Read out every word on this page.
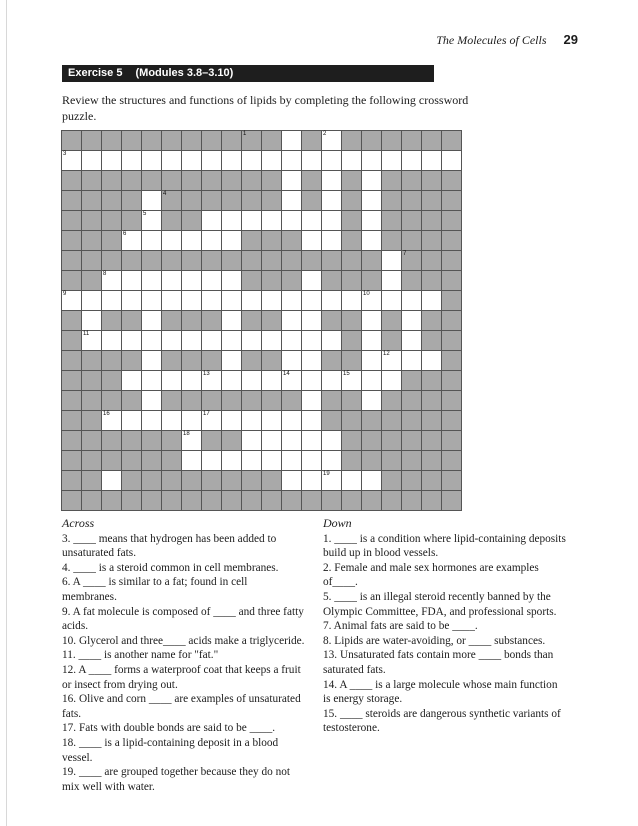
The Molecules of Cells 29
Exercise 5 (Modules 3.8–3.10)
Review the structures and functions of lipids by completing the following crossword puzzle.
1	2
3
4
5
6
7
8
9	10
11
12
13	14	15
16	17
18
19
Across

3. ____ means that hydrogen has been added to unsaturated fats.

4. ____ is a steroid common in cell membranes.

6. A ____ is similar to a fat; found in cell membranes.

9. A fat molecule is composed of ____ and three fatty acids.

10. Glycerol and three____ acids make a triglyceride.

11. ____ is another name for "fat."

12. A ____ forms a waterproof coat that keeps a fruit or insect from drying out.

16. Olive and corn ____ are examples of unsaturated fats.

17. Fats with double bonds are said to be ____.

18. ____ is a lipid-containing deposit in a blood vessel.

19. ____ are grouped together because they do not mix well with water.

Down

1. ____ is a condition where lipid-containing deposits build up in blood vessels.

2. Female and male sex hormones are examples of____.

5. ____ is an illegal steroid recently banned by the Olympic Committee, FDA, and professional sports.

7. Animal fats are said to be ____.

8. Lipids are water-avoiding, or ____ substances.

13. Unsaturated fats contain more ____ bonds than saturated fats.

14. A ____ is a large molecule whose main function is energy storage.

15. ____ steroids are dangerous synthetic variants of testosterone.
